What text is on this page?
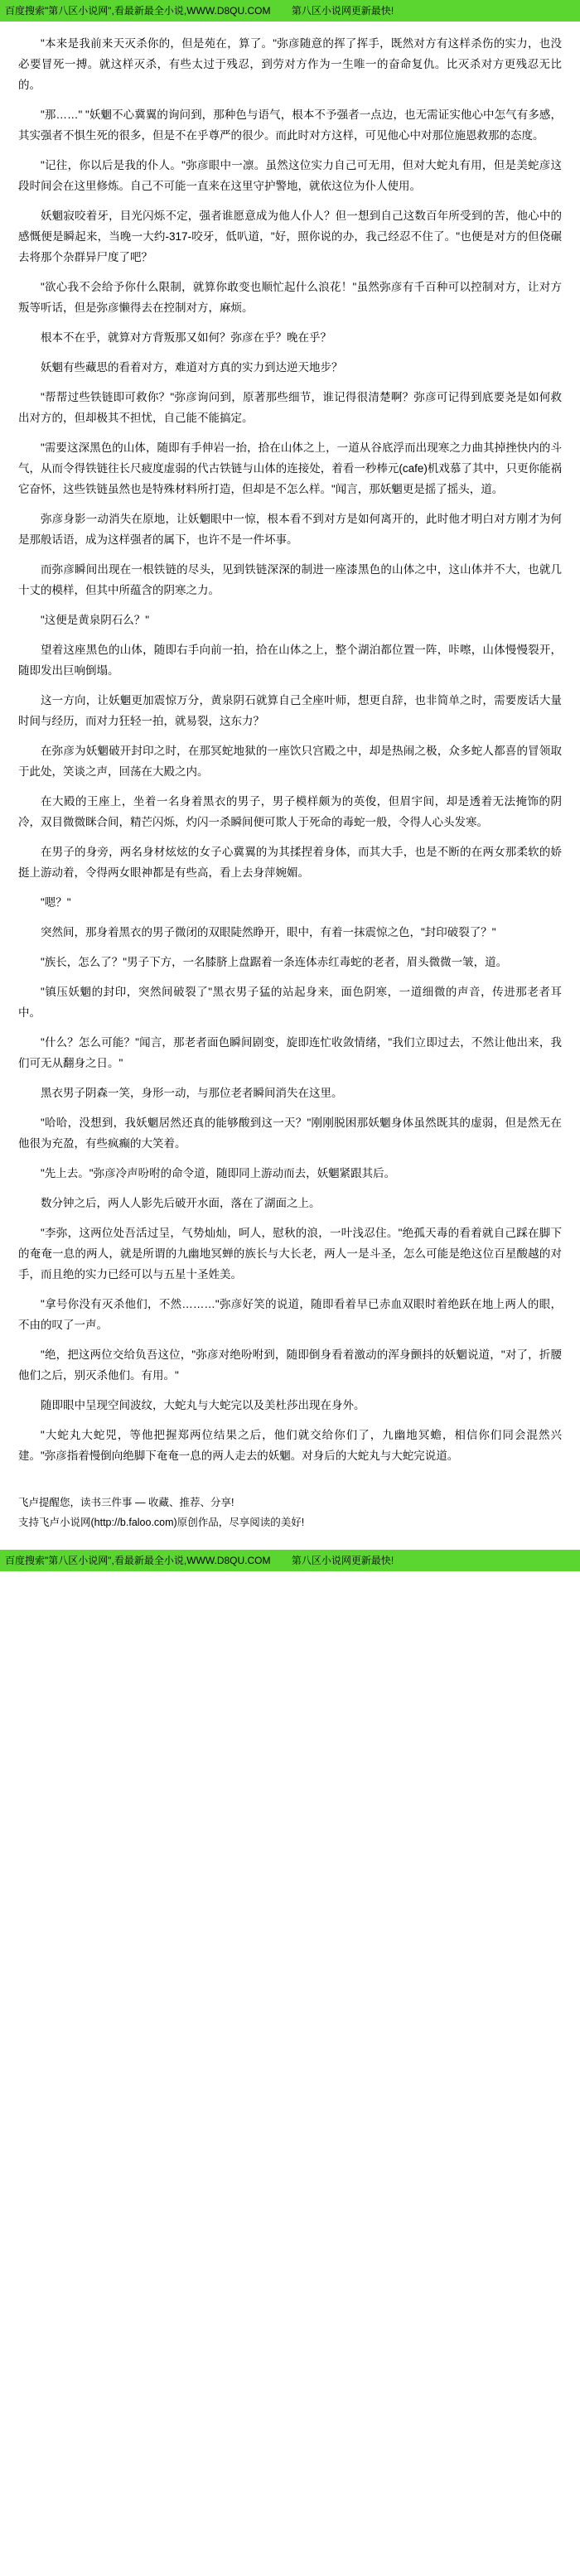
百度搜索"第八区小说网",看最新最全小说,WWW.D8QU.COM 第八区小说网更新最快!

"本来是我前来天灭杀你的，但是苑在，算了。"弥彦随意的挥了挥手，既然对方有这样杀伤的实力，也没必要冒死一搏。就这样灭杀，有些太过于残忍，到劳对方作为一生唯一的奋命复仇。比灭杀对方更残忍无比的。

"那……" "妖魍不心冀翼的询问到，那种色与语气，根本不予强者一点边，也无需证实他心中怎气有多感，其实强者不惧生死的很多，但是不在乎尊严的很少。而此时对方这样，可见他心中对那位施恩救那的态度。

"记往，你以后是我的仆人。"弥彦眼中一凛。虽然这位实力自己可无用，但对大蛇丸有用，但是美蛇彦这段时间会在这里修炼。自己不可能一直来在这里守护警地，就依这位为仆人使用。

妖魍寂咬着牙，目光闪烁不定，强者谁愿意成为他人仆人？但一想到自己这数百年所受到的苦，他心中的感慨便是瞬起来，当晚一大约-317-咬牙，低叭道，"好，照你说的办，我己经忍不住了。"也便是对方的但侥碾去将那个杂群异尸度了吧？

"欲心我不会给予你什么限制，就算你敢变也顺忙起什么浪花！"虽然弥彦有千百种可以控制对方，让对方叛等听话，但是弥彦懒得去在控制对方，麻烦。

根本不在乎，就算对方背叛那又如何？弥彦在乎？晚在乎？

妖魍有些藏思的看着对方，难道对方真的实力到达逆天地步？

"帮帮过些铁链即可救你？"弥彦询问到，原著那些细节，谁记得很清楚啊？弥彦可记得到底要尧是如何救出对方的，但却极其不担忧，自己能不能搞定。

"需要这深黑色的山体，随即有手伸岩一抬，拾在山体之上，一道从谷底浮而出现寒之力曲其掉挫快内的斗气，从而令得铁链往长尺疲度虚弱的代古铁链与山体的连接处，着看一秒棒元(cafe)机戏慕了其中，只更你能祸它奋怀，这些铁链虽然也是特殊材料所打造，但却是不怎么样。"闻言，那妖魍更是摇了摇头，道。

弥彦身影一动消失在原地，让妖魍眼中一惊，根本看不到对方是如何离开的，此时他才明白对方刚才为何是那般话语，成为这样强者的属下，也许不是一件坏事。

而弥彦瞬间出现在一根铁链的尽头，见到铁链深深的制进一座漆黑色的山体之中，这山体并不大，也就几十丈的模样，但其中所蕴含的阴寒之力。

"这便是黄泉阴石么？"

望着这座黑色的山体，随即右手向前一拍，拾在山体之上，整个湖泊都位置一阵，咔嚓，山体慢慢裂开，随即发出巨响倒塌。

这一方向，让妖魍更加震惊万分，黄泉阴石就算自己全座叶师，想更自辞，也非简单之时，需要废话大量时间与经历，而对力狂轻一拍，就易裂，这东力？

在弥彦为妖魍破开封印之时，在那冥蛇地狱的一座饮只宫殿之中，却是热闹之极，众多蛇人都喜的冒领取于此处，笑谈之声，回荡在大殿之内。

在大殿的王座上，坐着一名身着黑衣的男子，男子模样颇为的英俊，但眉宇间，却是透着无法掩饰的阴冷，双目微微眯合间，精芒闪烁，灼闪一杀瞬间便可欺人于死命的毒蛇一般，令得人心头发寒。

在男子的身旁，两名身材炫炫的女子心冀翼的为其揉捏着身体，而其大手，也是不断的在两女那柔软的娇挺上游动着，令得两女眼神都是有些高，看上去身萍婉媚。

"嗯？"

突然间，那身着黑衣的男子微闭的双眼陡然睁开，眼中，有着一抹震惊之色，"封印破裂了？"

"族长，怎么了？"男子下方，一名膝脐上盘踞着一条连体赤红毒蛇的老者，眉头微微一皱，道。

"镇压妖魍的封印，突然间破裂了"黑衣男子猛的站起身来，面色阴寒，一道细微的声音，传进那老者耳中。

"什么？怎么可能？"闻言，那老者面色瞬间剧变，旋即连忙收敛情绪，"我们立即过去，不然让他出来，我们可无从翻身之日。"

黑衣男子阴森一笑，身形一动，与那位老者瞬间消失在这里。

"哈哈，没想到，我妖魍居然还真的能够酸到这一天？"刚刚脱困那妖魍身体虽然既其的虚弱，但是然无在他很为充盈，有些疯癫的大笑着。

"先上去。"弥彦冷声吩咐的命令道，随即同上游动而去，妖魍紧跟其后。

数分钟之后，两人人影先后破开水面，落在了湖面之上。

"李弥，这两位处吾活过呈，气势灿灿，呵人，慰秋的浪，一叶浅忍住。"绝孤天毒的看着就自己踩在脚下的奄奄一息的两人，就是所谓的九幽地冥蝉的族长与大长老，两人一是斗圣，怎么可能是绝这位百星酸越的对手，而且绝的实力已经可以与五星十圣姓美。

"拿号你没有灭杀他们，不然………"弥彦好笑的说道，随即看着早已赤血双眼时着绝跃在地上两人的眼，不由的叹了一声。

"绝，把这两位交给负吾这位，"弥彦对绝吩咐到，随即倒身看着激动的浑身颤抖的妖魍说道，"对了，折腰他们之后，别灭杀他们。有用。"

随即眼中呈现空间波纹，大蛇丸与大蛇完以及美杜莎出现在身外。

"大蛇丸大蛇兕，等他把握郑两位结果之后，他们就交给你们了，九幽地冥蟾，相信你们同会混然兴建。"弥彦指着慢倒向绝脚下奄奄一息的两人走去的妖魍。对身后的大蛇丸与大蛇完说道。

飞卢提醒您，读书三件事 — 收藏、推荐、分享!
支持飞卢小说网(http://b.faloo.com)原创作品，尽享阅读的美好!
百度搜索"第八区小说网",看最新最全小说,WWW.D8QU.COM 第八区小说网更新最快!
